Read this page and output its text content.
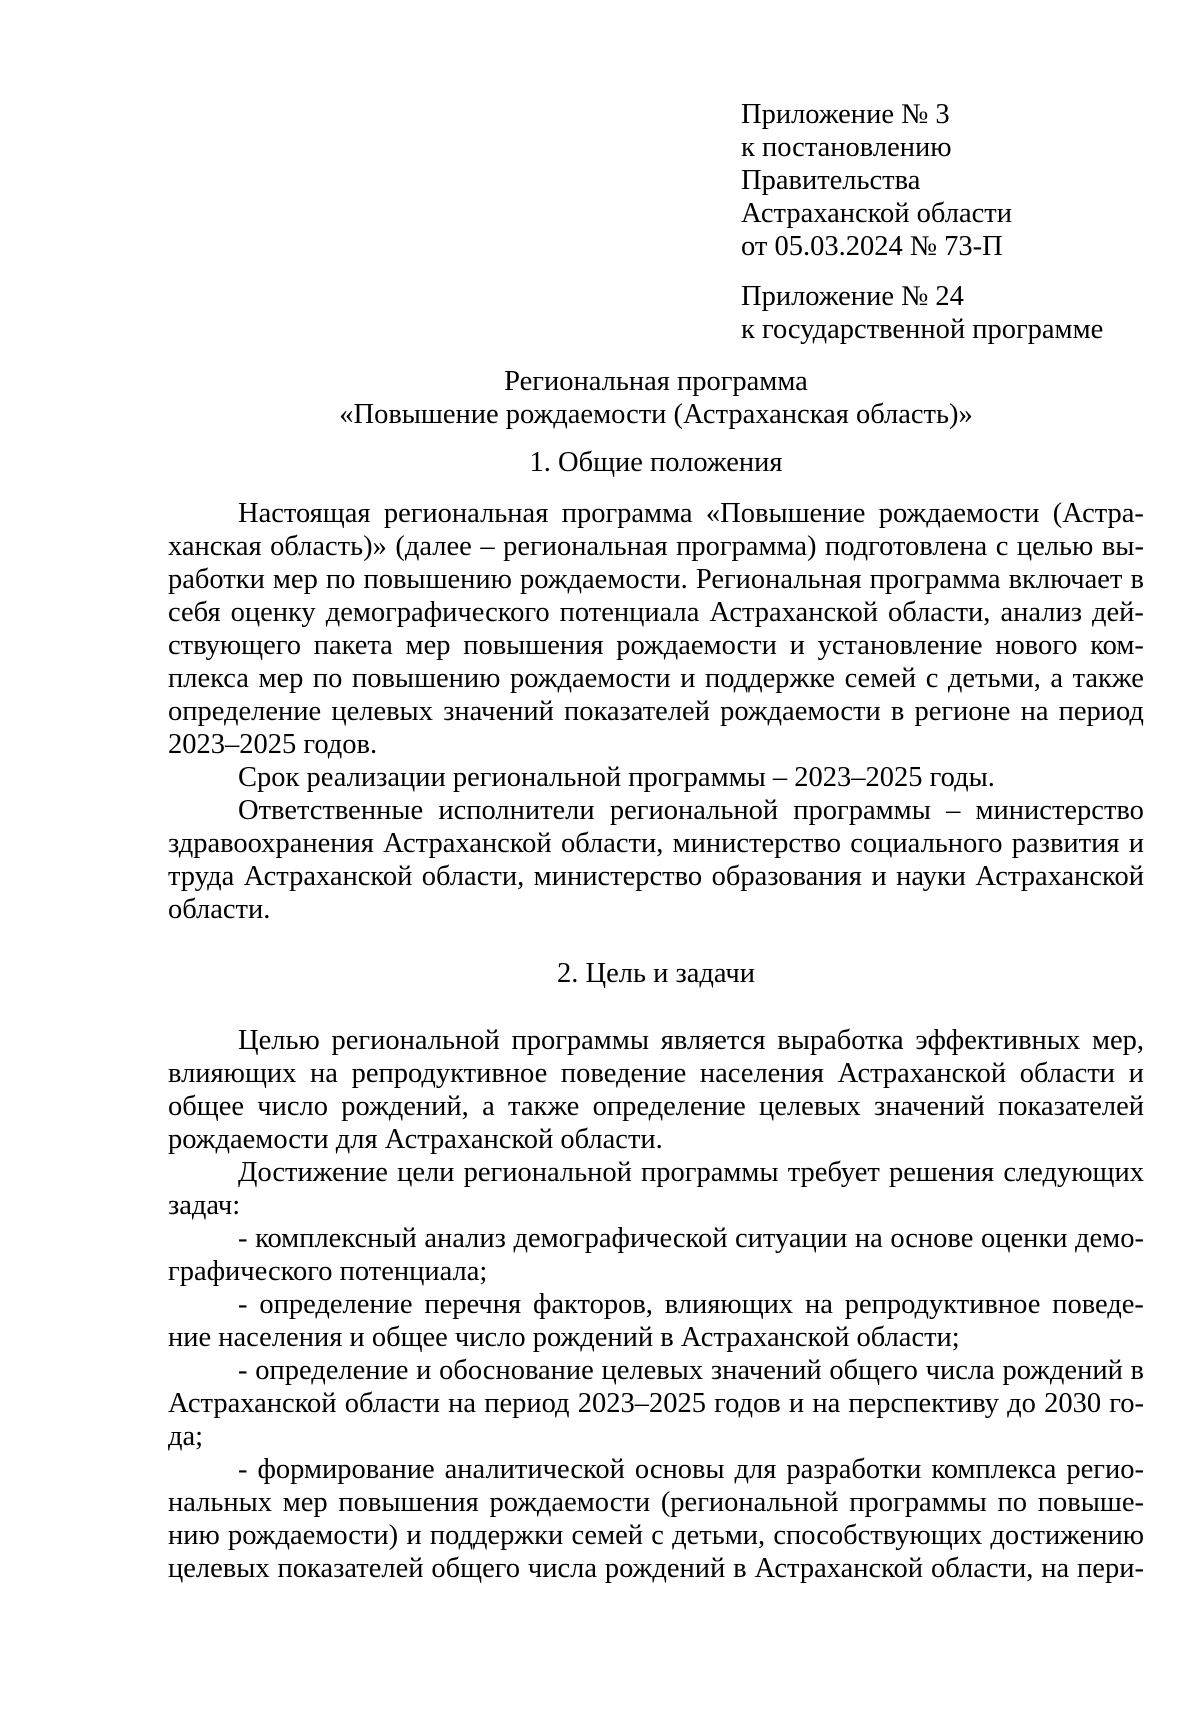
Приложение № 3
к постановлению
Правительства
Астраханской области
от 05.03.2024 № 73-П
Приложение № 24
к государственной программе
Региональная программа
«Повышение рождаемости (Астраханская область)»
1. Общие положения
Настоящая региональная программа «Повышение рождаемости (Астра-
ханская область)» (далее – региональная программа) подготовлена с целью вы-
работки мер по повышению рождаемости. Региональная программа включает в
себя оценку демографического потенциала Астраханской области, анализ дей-
ствующего пакета мер повышения рождаемости и установление нового ком-
плекса мер по повышению рождаемости и поддержке семей с детьми, а также
определение целевых значений показателей рождаемости в регионе на период
2023–2025 годов.
Срок реализации региональной программы – 2023–2025 годы.
Ответственные исполнители региональной программы – министерство
здравоохранения Астраханской области, министерство социального развития и
труда Астраханской области, министерство образования и науки Астраханской
области.
2. Цель и задачи
Целью региональной программы является выработка эффективных мер,
влияющих на репродуктивное поведение населения Астраханской области и
общее число рождений, а также определение целевых значений показателей
рождаемости для Астраханской области.
Достижение цели региональной программы требует решения следующих
задач:
- комплексный анализ демографической ситуации на основе оценки демо-
графического потенциала;
- определение перечня факторов, влияющих на репродуктивное поведе-
ние населения и общее число рождений в Астраханской области;
- определение и обоснование целевых значений общего числа рождений в
Астраханской области на период 2023–2025 годов и на перспективу до 2030 го-
да;
- формирование аналитической основы для разработки комплекса регио-
нальных мер повышения рождаемости (региональной программы по повыше-
нию рождаемости) и поддержки семей с детьми, способствующих достижению
целевых показателей общего числа рождений в Астраханской области, на пери-
